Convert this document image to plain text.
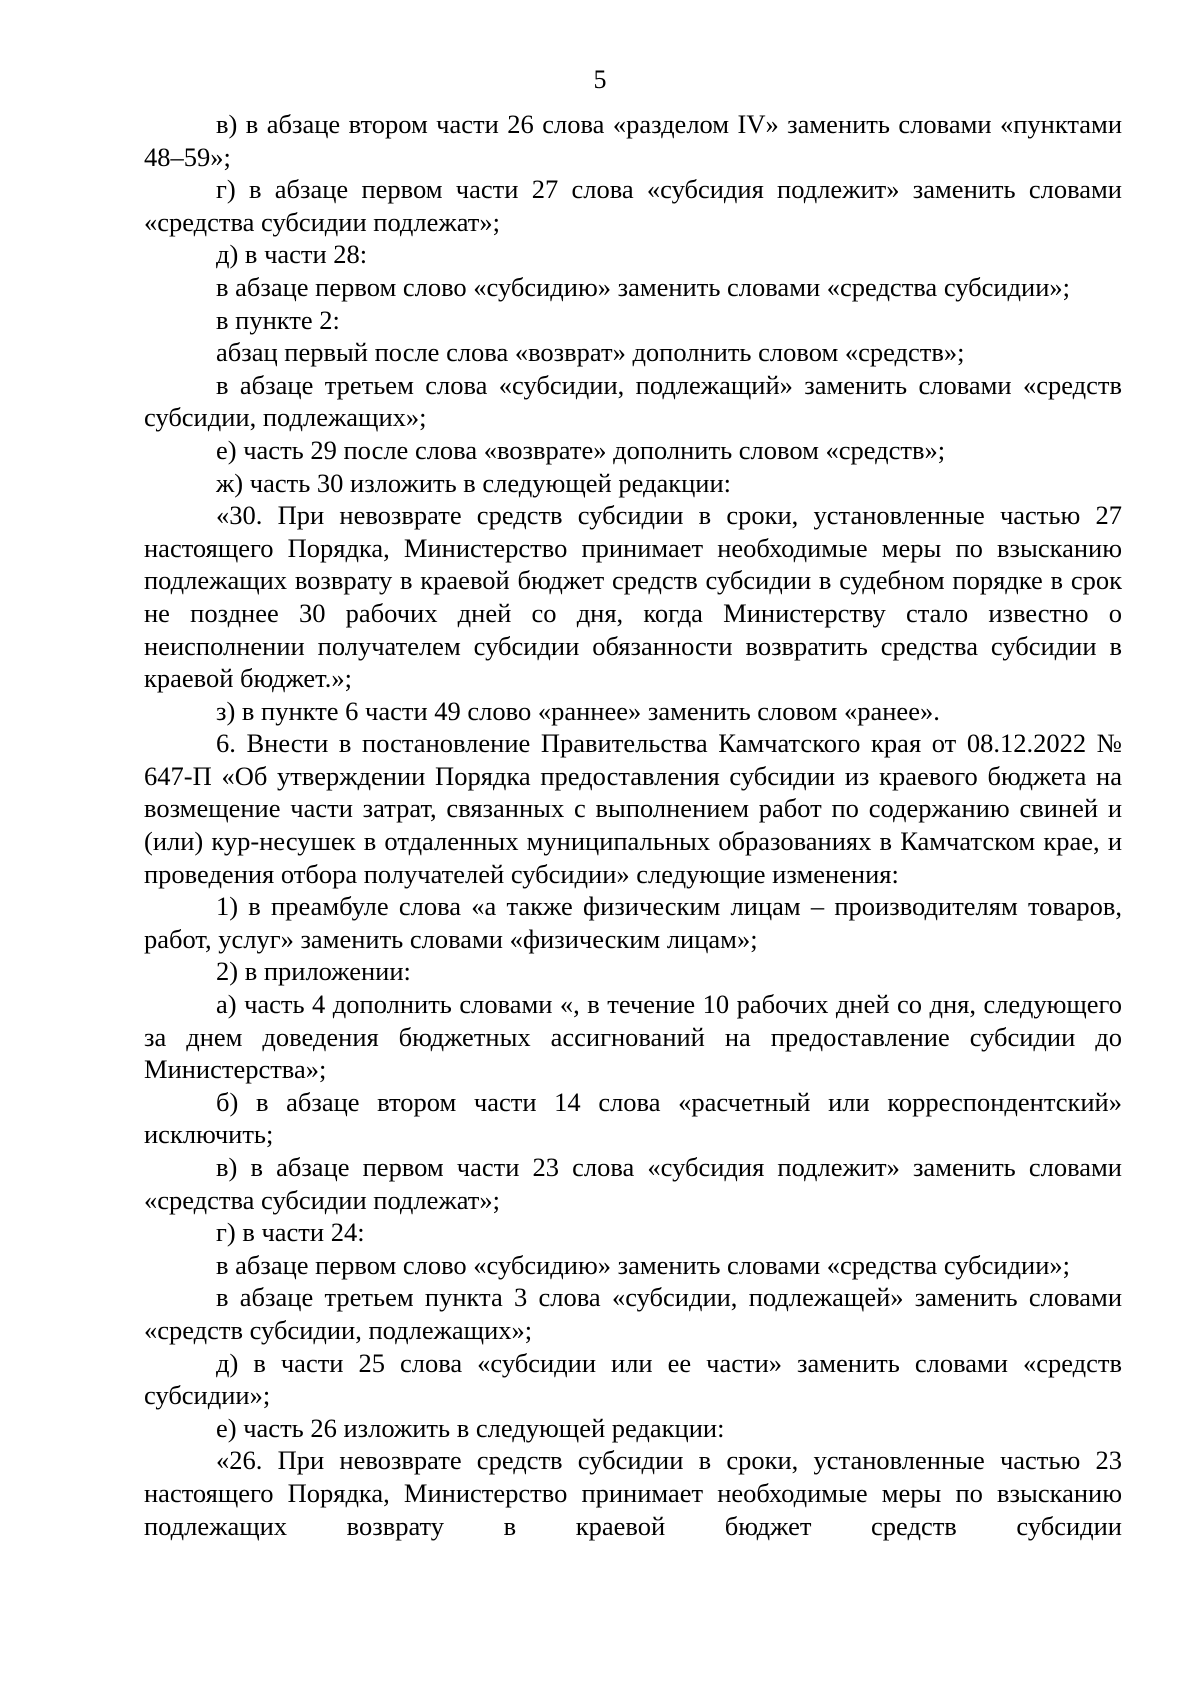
5

в) в абзаце втором части 26 слова «разделом IV» заменить словами «пунктами 48–59»;

г) в абзаце первом части 27 слова «субсидия подлежит» заменить словами «средства субсидии подлежат»;

д) в части 28:

в абзаце первом слово «субсидию» заменить словами «средства субсидии»;

в пункте 2:

абзац первый после слова «возврат» дополнить словом «средств»;

в абзаце третьем слова «субсидии, подлежащий» заменить словами «средств субсидии, подлежащих»;

е) часть 29 после слова «возврате» дополнить словом «средств»;

ж) часть 30 изложить в следующей редакции:

«30. При невозврате средств субсидии в сроки, установленные частью 27 настоящего Порядка, Министерство принимает необходимые меры по взысканию подлежащих возврату в краевой бюджет средств субсидии в судебном порядке в срок не позднее 30 рабочих дней со дня, когда Министерству стало известно о неисполнении получателем субсидии обязанности возвратить средства субсидии в краевой бюджет.»;

з) в пункте 6 части 49 слово «раннее» заменить словом «ранее».

6. Внести в постановление Правительства Камчатского края от 08.12.2022 № 647-П «Об утверждении Порядка предоставления субсидии из краевого бюджета на возмещение части затрат, связанных с выполнением работ по содержанию свиней и (или) кур-несушек в отдаленных муниципальных образованиях в Камчатском крае, и проведения отбора получателей субсидии» следующие изменения:

1) в преамбуле слова «а также физическим лицам – производителям товаров, работ, услуг» заменить словами «физическим лицам»;

2) в приложении:

а) часть 4 дополнить словами «, в течение 10 рабочих дней со дня, следующего за днем доведения бюджетных ассигнований на предоставление субсидии до Министерства»;

б) в абзаце втором части 14 слова «расчетный или корреспондентский» исключить;

в) в абзаце первом части 23 слова «субсидия подлежит» заменить словами «средства субсидии подлежат»;

г) в части 24:

в абзаце первом слово «субсидию» заменить словами «средства субсидии»;

в абзаце третьем пункта 3 слова «субсидии, подлежащей» заменить словами «средств субсидии, подлежащих»;

д) в части 25 слова «субсидии или ее части» заменить словами «средств субсидии»;

е) часть 26 изложить в следующей редакции:

«26. При невозврате средств субсидии в сроки, установленные частью 23 настоящего Порядка, Министерство принимает необходимые меры по взысканию подлежащих возврату в краевой бюджет средств субсидии
